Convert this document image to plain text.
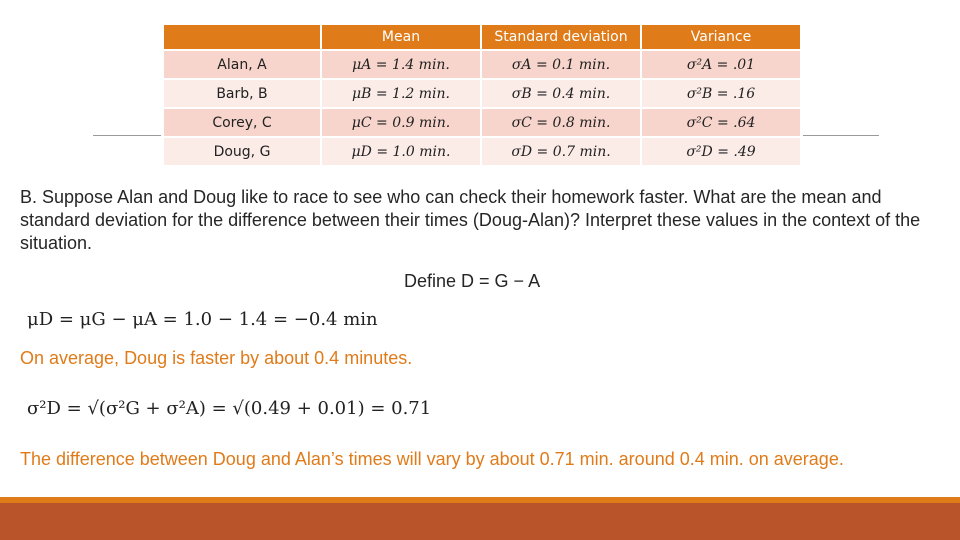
	Mean	Standard deviation	Variance
Alan, A	μA = 1.4 min.	σA = 0.1 min.	σ²A = .01
Barb, B	μB = 1.2 min.	σB = 0.4 min.	σ²B = .16
Corey, C	μC = 0.9 min.	σC = 0.8 min.	σ²C = .64
Doug, G	μD = 1.0 min.	σD = 0.7 min.	σ²D = .49
B. Suppose Alan and Doug like to race to see who can check their homework faster. What are the mean and standard deviation for the difference between their times (Doug-Alan)? Interpret these values in the context of the situation.
Define D = G − A
μD = μG − μA = 1.0 − 1.4 = −0.4 min
On average, Doug is faster by about 0.4 minutes.
σ²D = √(σ²G + σ²A) = √(0.49 + 0.01) = 0.71
The difference between Doug and Alan’s times will vary by about 0.71 min. around 0.4 min. on average.
